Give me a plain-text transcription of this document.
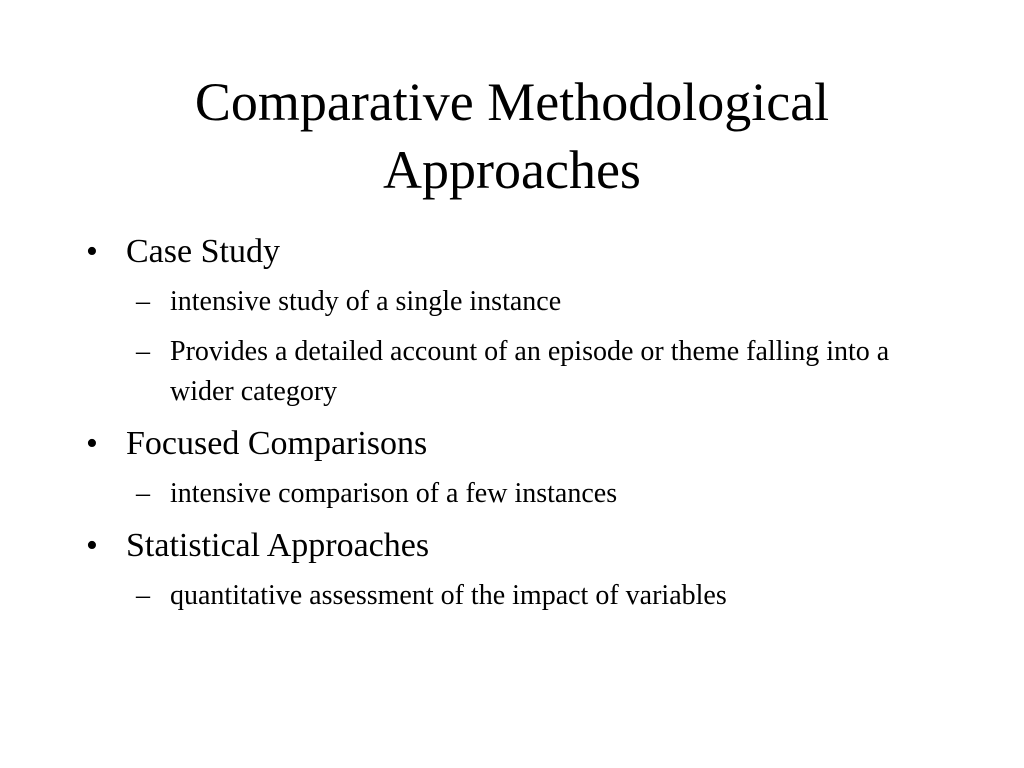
Comparative Methodological
Approaches
• Case Study
– intensive study of a single instance
– Provides a detailed account of an episode or theme falling into a wider category
• Focused Comparisons
– intensive comparison of a few instances
• Statistical Approaches
– quantitative assessment of the impact of variables
